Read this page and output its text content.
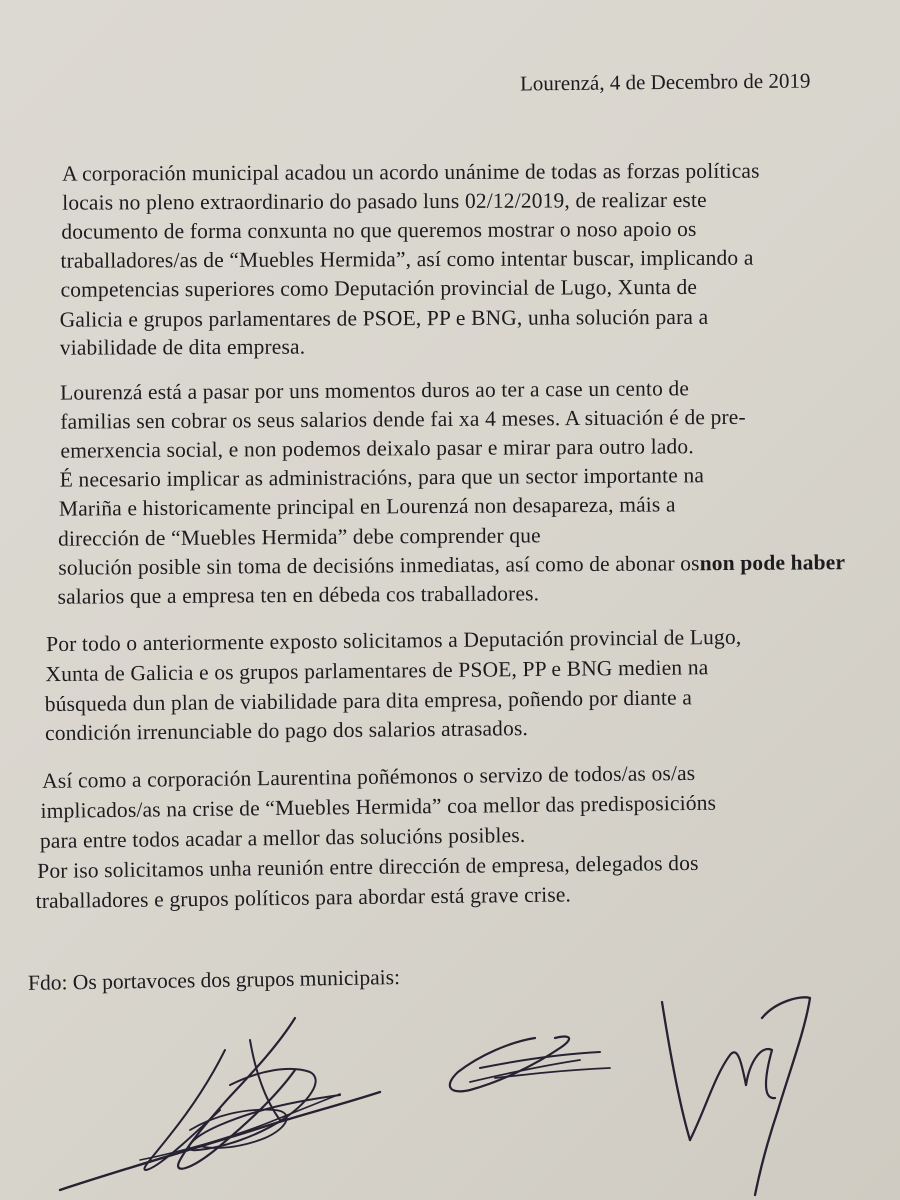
Lourenzá, 4 de Decembro de 2019
A corporación municipal acadou un acordo unánime de todas as forzas políticas
locais no pleno extraordinario do pasado luns 02/12/2019, de realizar este
documento de forma conxunta no que queremos mostrar o noso apoio os
traballadores/as de “Muebles Hermida”, así como intentar buscar, implicando a
competencias superiores como Deputación provincial de Lugo, Xunta de
Galicia e grupos parlamentares de PSOE, PP e BNG, unha solución para a
viabilidade de dita empresa.
Lourenzá está a pasar por uns momentos duros ao ter a case un cento de
familias sen cobrar os seus salarios dende fai xa 4 meses. A situación é de pre-
emerxencia social, e non podemos deixalo pasar e mirar para outro lado.
É necesario implicar as administracións, para que un sector importante na
Mariña e historicamente principal en Lourenzá non desapareza, máis a
dirección de “Muebles Hermida” debe comprender que
solución posible sin toma de decisións inmediatas, así como de abonar osnon pode haber
salarios que a empresa ten en débeda cos traballadores.
Por todo o anteriormente exposto solicitamos a Deputación provincial de Lugo,
Xunta de Galicia e os grupos parlamentares de PSOE, PP e BNG medien na
búsqueda dun plan de viabilidade para dita empresa, poñendo por diante a
condición irrenunciable do pago dos salarios atrasados.
Así como a corporación Laurentina poñémonos o servizo de todos/as os/as
implicados/as na crise de “Muebles Hermida” coa mellor das predisposicións
para entre todos acadar a mellor das solucións posibles.
Por iso solicitamos unha reunión entre dirección de empresa, delegados dos
traballadores e grupos políticos para abordar está grave crise.
Fdo: Os portavoces dos grupos municipais:
